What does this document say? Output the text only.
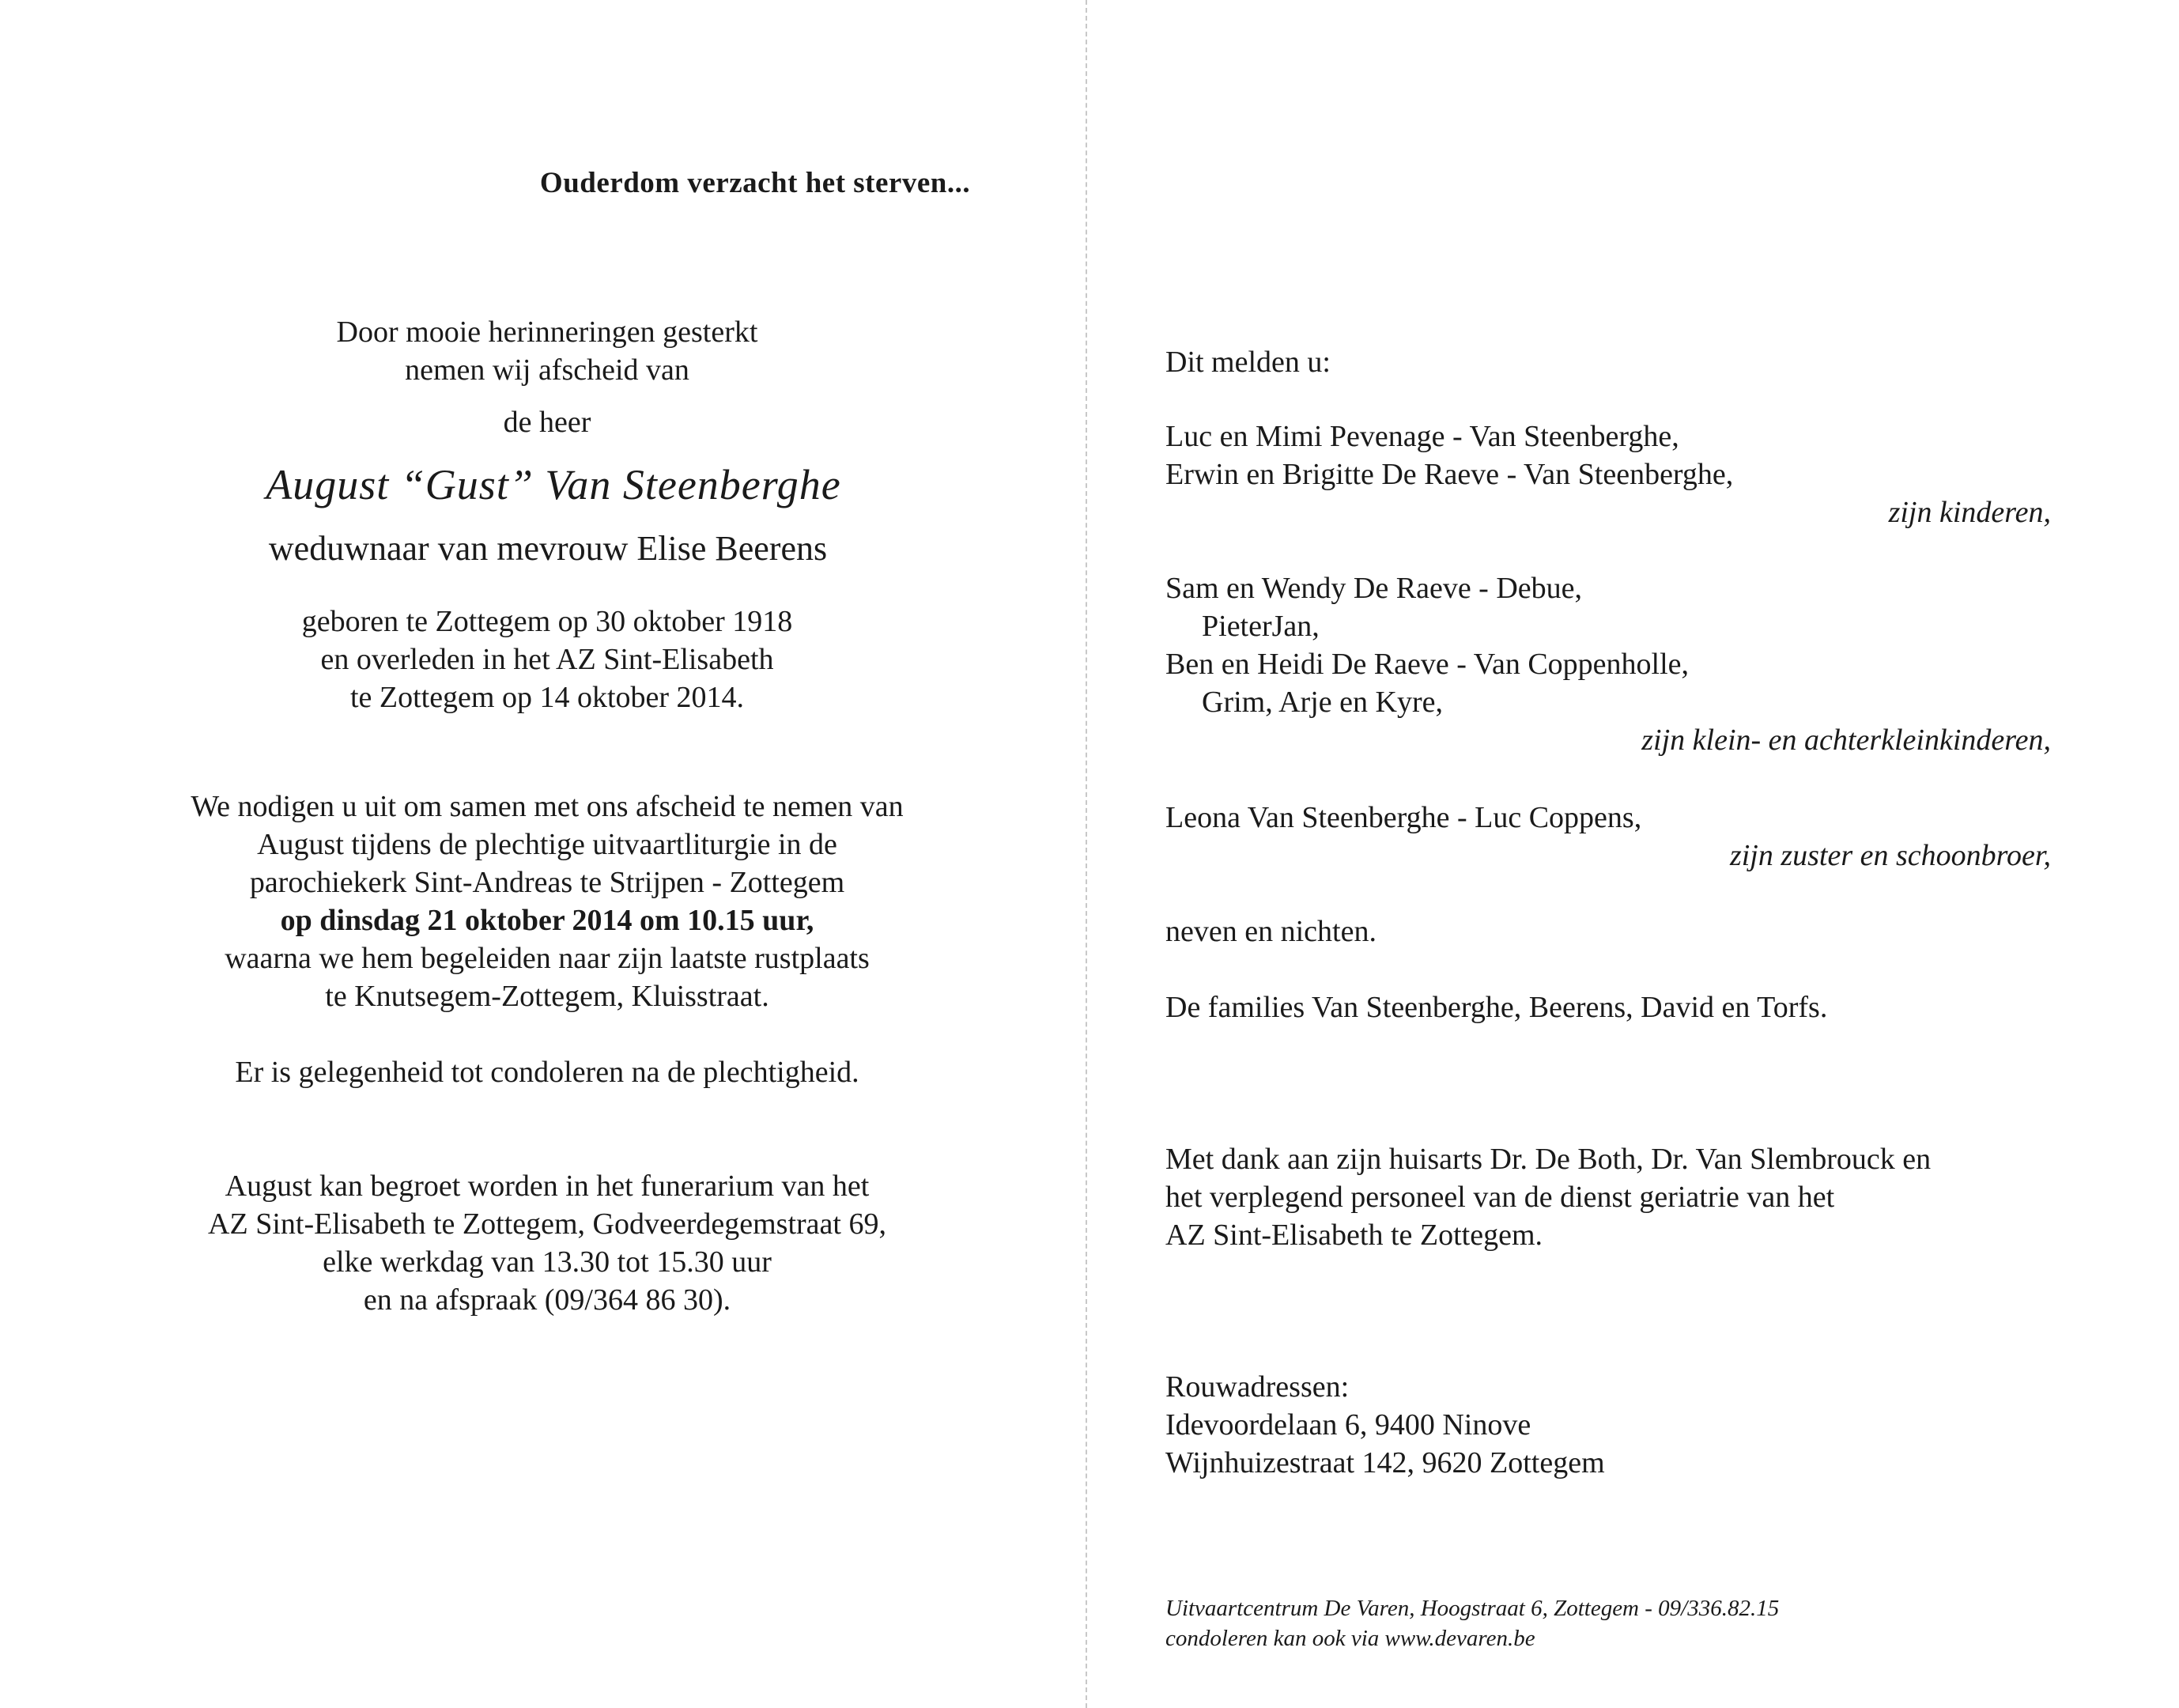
Ouderdom verzacht het sterven...
Door mooie herinneringen gesterkt
nemen wij afscheid van
de heer
August “Gust” Van Steenberghe
weduwnaar van mevrouw Elise Beerens
geboren te Zottegem op 30 oktober 1918
en overleden in het AZ Sint-Elisabeth
te Zottegem op 14 oktober 2014.
We nodigen u uit om samen met ons afscheid te nemen van
August tijdens de plechtige uitvaartliturgie in de
parochiekerk Sint-Andreas te Strijpen - Zottegem
op dinsdag 21 oktober 2014 om 10.15 uur,
waarna we hem begeleiden naar zijn laatste rustplaats
te Knutsegem-Zottegem, Kluisstraat.
Er is gelegenheid tot condoleren na de plechtigheid.
August kan begroet worden in het funerarium van het
AZ Sint-Elisabeth te Zottegem, Godveerdegemstraat 69,
elke werkdag van 13.30 tot 15.30 uur
en na afspraak (09/364 86 30).
Dit melden u:
Luc en Mimi Pevenage - Van Steenberghe,
Erwin en Brigitte De Raeve - Van Steenberghe,
zijn kinderen,
Sam en Wendy De Raeve - Debue,
PieterJan,
Ben en Heidi De Raeve - Van Coppenholle,
Grim, Arje en Kyre,
zijn klein- en achterkleinkinderen,
Leona Van Steenberghe - Luc Coppens,
zijn zuster en schoonbroer,
neven en nichten.
De families Van Steenberghe, Beerens, David en Torfs.
Met dank aan zijn huisarts Dr. De Both, Dr. Van Slembrouck en
het verplegend personeel van de dienst geriatrie van het
AZ Sint-Elisabeth te Zottegem.
Rouwadressen:
Idevoordelaan 6, 9400 Ninove
Wijnhuizestraat 142, 9620 Zottegem
Uitvaartcentrum De Varen, Hoogstraat 6, Zottegem - 09/336.82.15
condoleren kan ook via www.devaren.be
